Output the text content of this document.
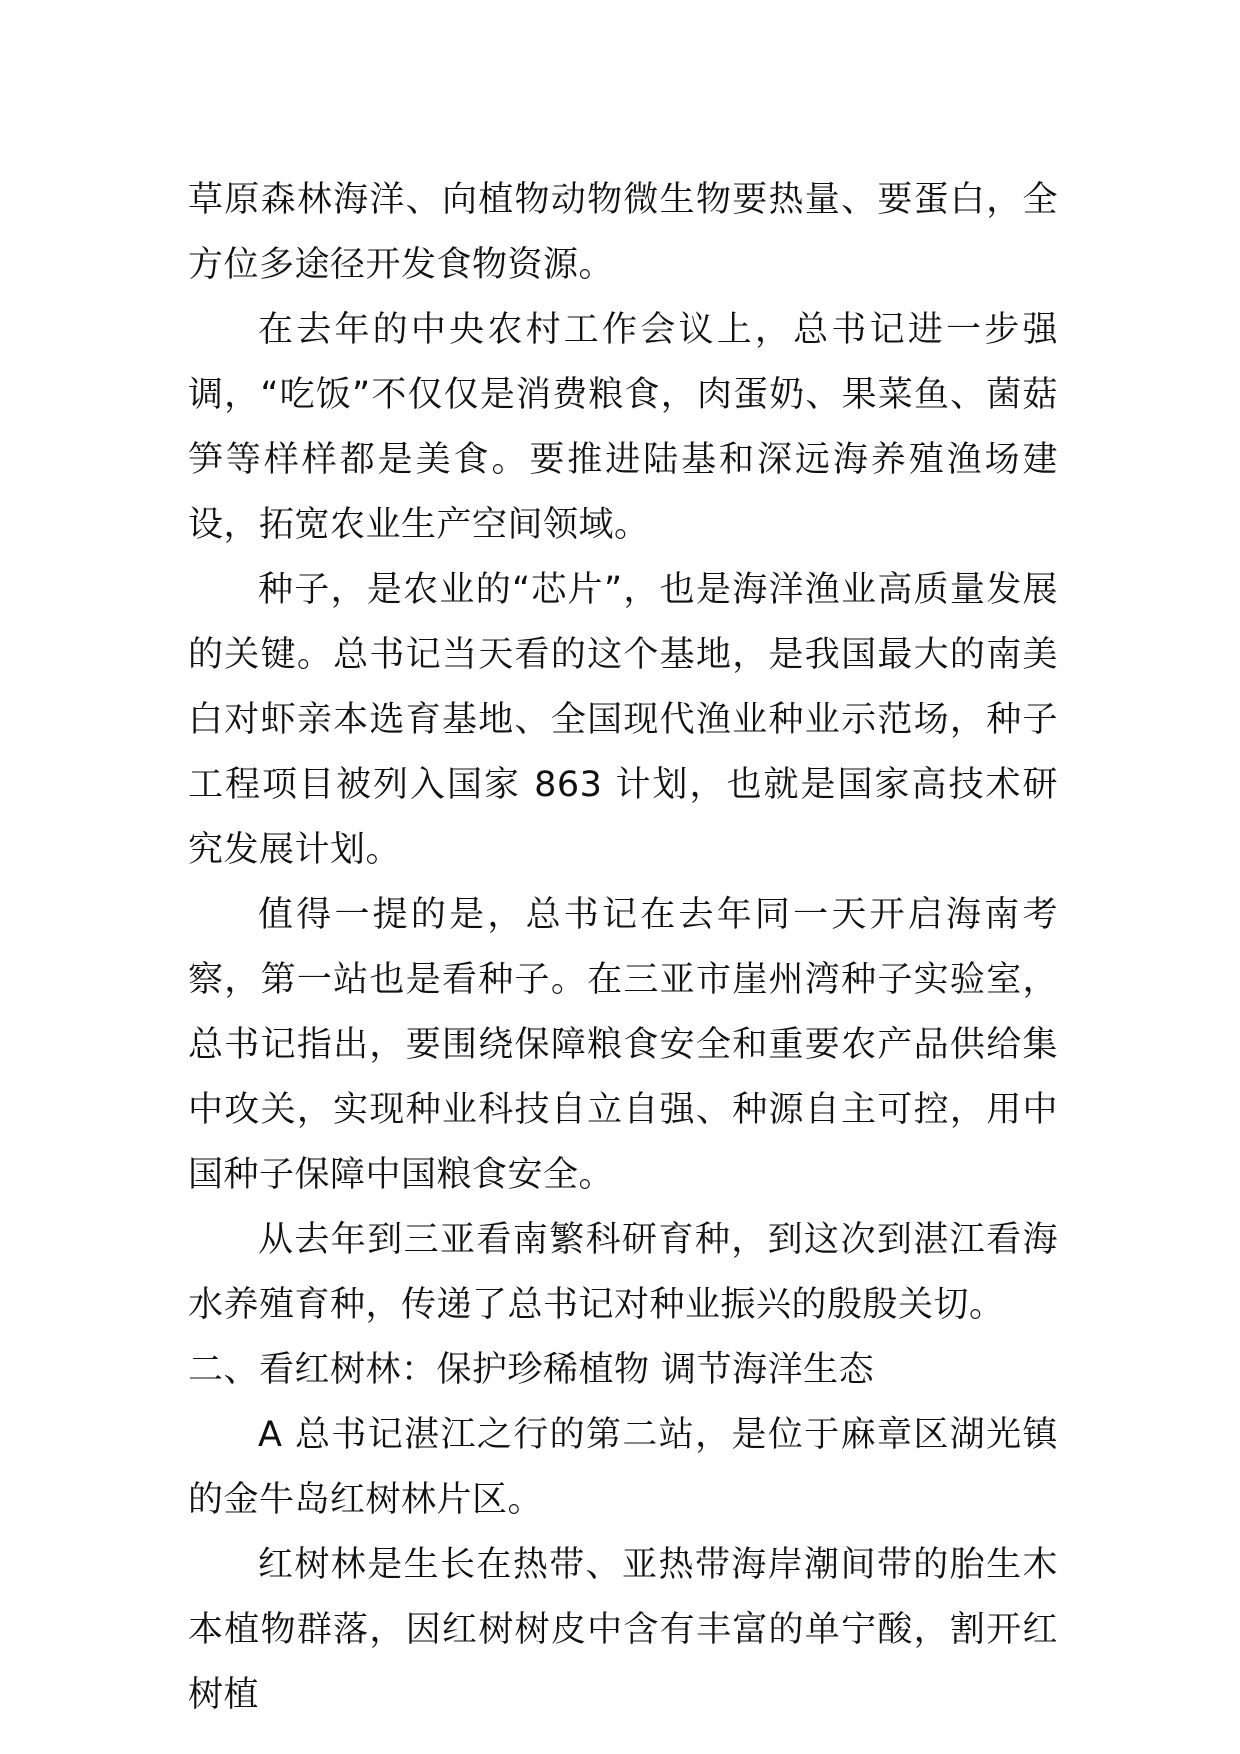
草原森林海洋、向植物动物微生物要热量、要蛋白，全方位多途径开发食物资源。

在去年的中央农村工作会议上，总书记进一步强调，“吃饭”不仅仅是消费粮食，肉蛋奶、果菜鱼、菌菇笋等样样都是美食。要推进陆基和深远海养殖渔场建设，拓宽农业生产空间领域。

种子，是农业的“芯片”，也是海洋渔业高质量发展的关键。总书记当天看的这个基地，是我国最大的南美白对虾亲本选育基地、全国现代渔业种业示范场，种子工程项目被列入国家 863 计划，也就是国家高技术研究发展计划。

值得一提的是，总书记在去年同一天开启海南考察，第一站也是看种子。在三亚市崖州湾种子实验室，总书记指出，要围绕保障粮食安全和重要农产品供给集中攻关，实现种业科技自立自强、种源自主可控，用中国种子保障中国粮食安全。

从去年到三亚看南繁科研育种，到这次到湛江看海水养殖育种，传递了总书记对种业振兴的殷殷关切。

二、看红树林：保护珍稀植物 调节海洋生态

A 总书记湛江之行的第二站，是位于麻章区湖光镇的金牛岛红树林片区。

红树林是生长在热带、亚热带海岸潮间带的胎生木本植物群落，因红树树皮中含有丰富的单宁酸，割开红树植
